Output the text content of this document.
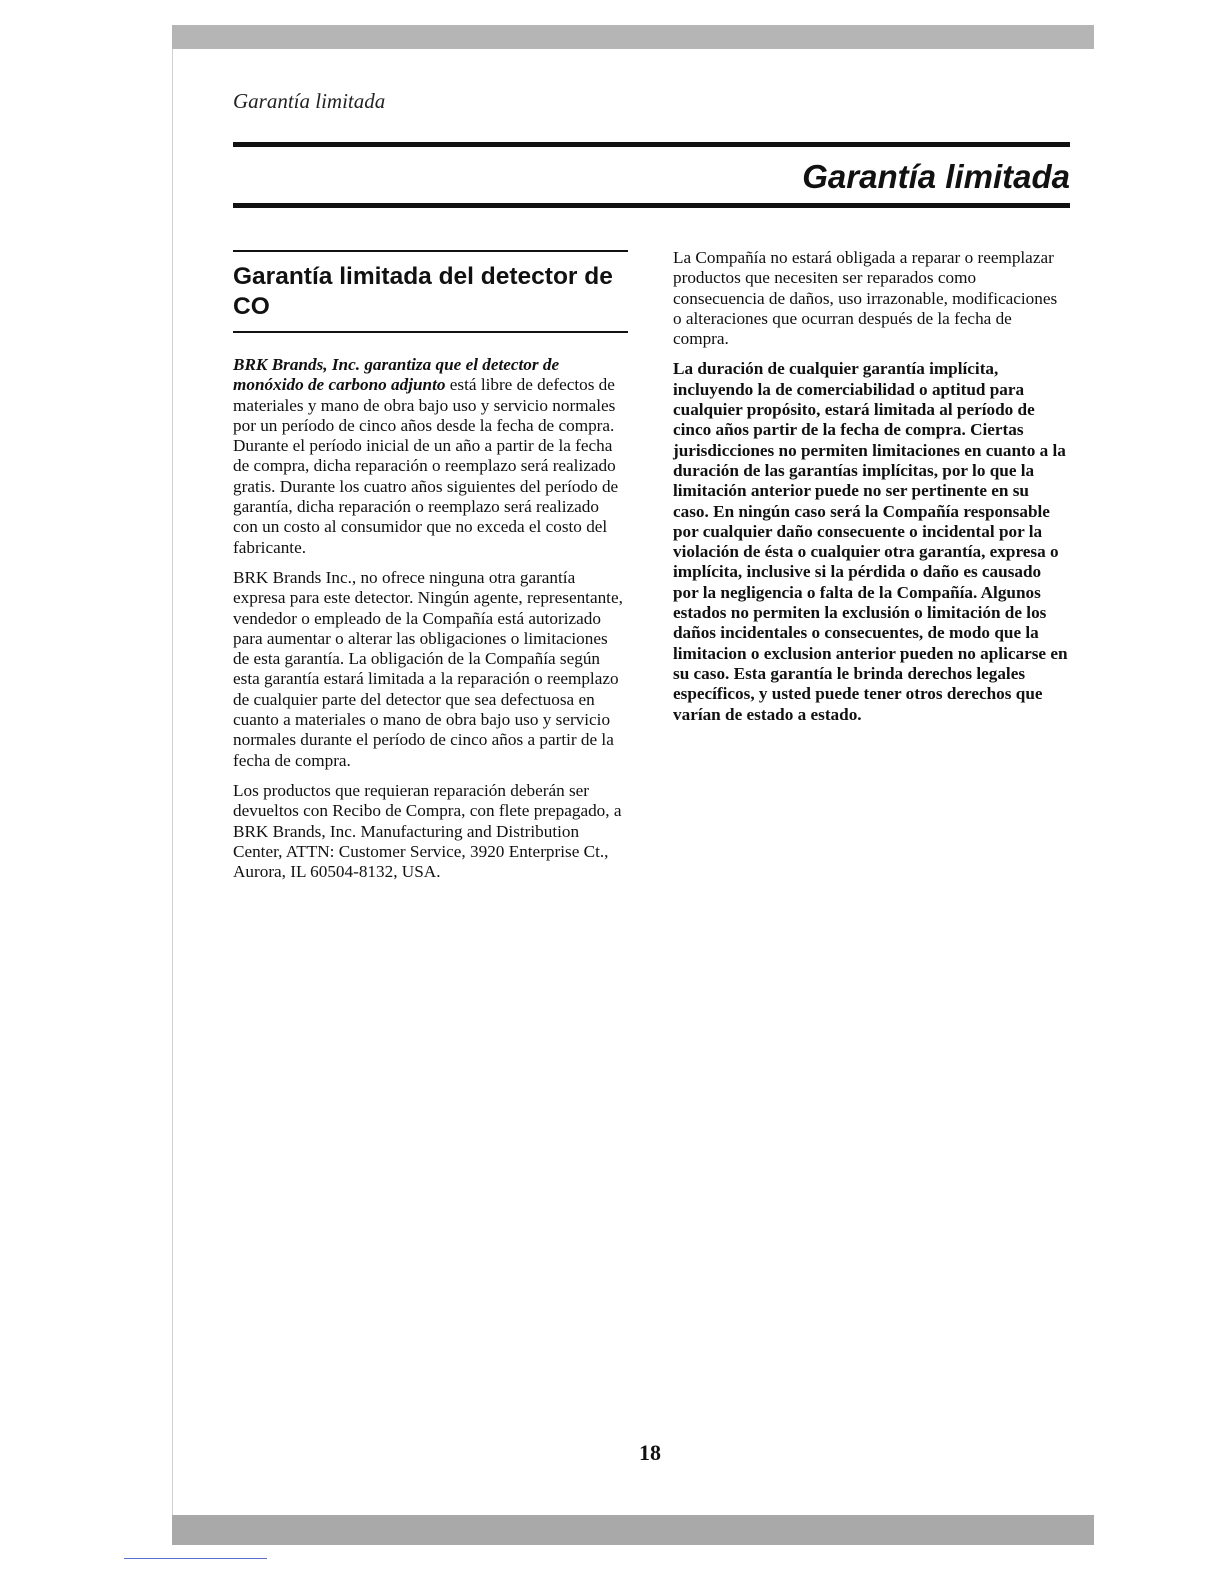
Garantía limitada
Garantía limitada
Garantía limitada del detector de CO

BRK Brands, Inc. garantiza que el detector de monóxido de carbono adjunto está libre de defectos de materiales y mano de obra bajo uso y servicio normales por un período de cinco años desde la fecha de compra. Durante el período inicial de un año a partir de la fecha de compra, dicha reparación o reemplazo será realizado gratis. Durante los cuatro años siguientes del período de garantía, dicha reparación o reemplazo será realizado con un costo al consumidor que no exceda el costo del fabricante.

BRK Brands Inc., no ofrece ninguna otra garantía expresa para este detector. Ningún agente, representante, vendedor o empleado de la Compañía está autorizado para aumentar o alterar las obligaciones o limitaciones de esta garantía. La obligación de la Compañía según esta garantía estará limitada a la reparación o reemplazo de cualquier parte del detector que sea defectuosa en cuanto a materiales o mano de obra bajo uso y servicio normales durante el período de cinco años a partir de la fecha de compra.

Los productos que requieran reparación deberán ser devueltos con Recibo de Compra, con flete prepagado, a BRK Brands, Inc. Manufacturing and Distribution Center, ATTN: Customer Service, 3920 Enterprise Ct., Aurora, IL 60504-8132, USA.

La Compañía no estará obligada a reparar o reemplazar productos que necesiten ser reparados como consecuencia de daños, uso irrazonable, modificaciones o alteraciones que ocurran después de la fecha de compra.

La duración de cualquier garantía implícita, incluyendo la de comerciabilidad o aptitud para cualquier propósito, estará limitada al período de cinco años partir de la fecha de compra. Ciertas jurisdicciones no permiten limitaciones en cuanto a la duración de las garantías implícitas, por lo que la limitación anterior puede no ser pertinente en su caso. En ningún caso será la Compañía responsable por cualquier daño consecuente o incidental por la violación de ésta o cualquier otra garantía, expresa o implícita, inclusive si la pérdida o daño es causado por la negligencia o falta de la Compañía. Algunos estados no permiten la exclusión o limitación de los daños incidentales o consecuentes, de modo que la limitacion o exclusion anterior pueden no aplicarse en su caso. Esta garantía le brinda derechos legales específicos, y usted puede tener otros derechos que varían de estado a estado.

18
